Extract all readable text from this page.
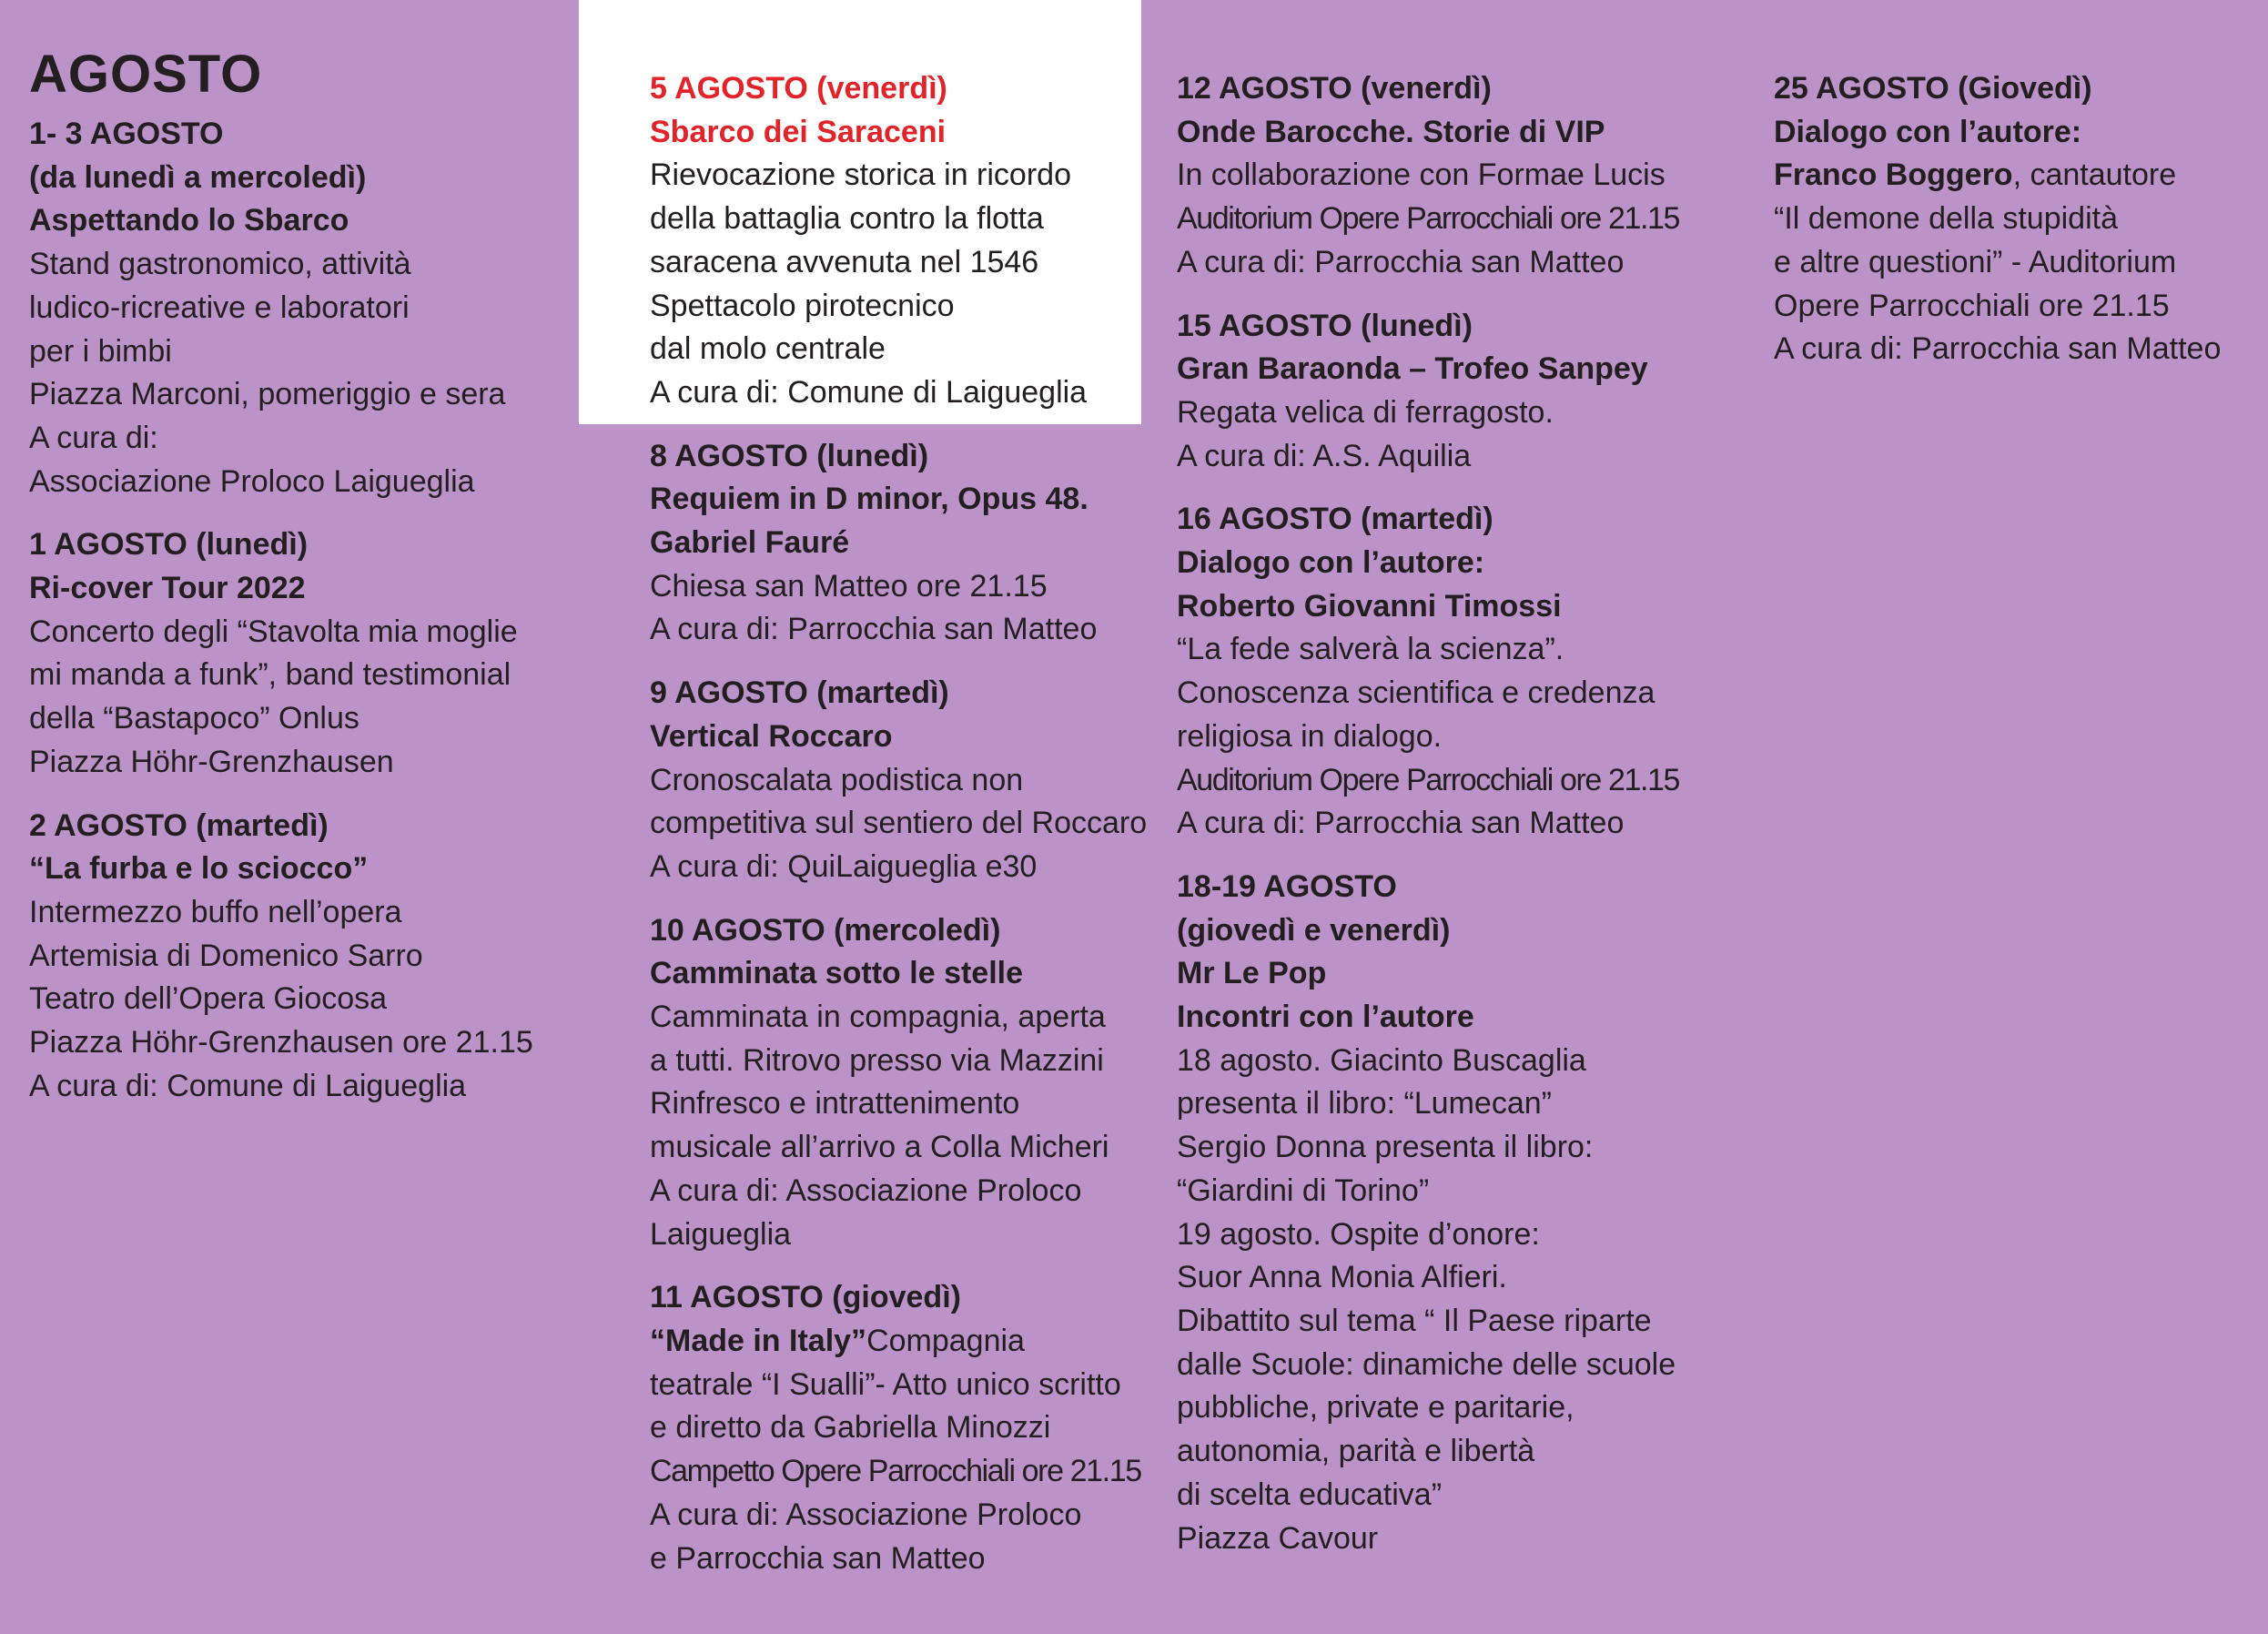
AGOSTO
1- 3 AGOSTO
(da lunedì a mercoledì)
Aspettando lo Sbarco
Stand gastronomico, attività
ludico-ricreative e laboratori
per i bimbi
Piazza Marconi, pomeriggio e sera
A cura di:
Associazione Proloco Laigueglia
1 AGOSTO (lunedì)
Ri-cover Tour 2022
Concerto degli “Stavolta mia moglie
mi manda a funk”, band testimonial
della “Bastapoco” Onlus
Piazza Höhr-Grenzhausen
2 AGOSTO (martedì)
“La furba e lo sciocco”
Intermezzo buffo nell’opera
Artemisia di Domenico Sarro
Teatro dell’Opera Giocosa
Piazza Höhr-Grenzhausen ore 21.15
A cura di: Comune di Laigueglia
5 AGOSTO (venerdì)
Sbarco dei Saraceni
Rievocazione storica in ricordo
della battaglia contro la flotta
saracena avvenuta nel 1546
Spettacolo pirotecnico
dal molo centrale
A cura di: Comune di Laigueglia
8 AGOSTO (lunedì)
Requiem in D minor, Opus 48.
Gabriel Fauré
Chiesa san Matteo ore 21.15
A cura di: Parrocchia san Matteo
9 AGOSTO (martedì)
Vertical Roccaro
Cronoscalata podistica non
competitiva sul sentiero del Roccaro
A cura di: QuiLaigueglia e30
10 AGOSTO (mercoledì)
Camminata sotto le stelle
Camminata in compagnia, aperta
a tutti. Ritrovo presso via Mazzini
Rinfresco e intrattenimento
musicale all’arrivo a Colla Micheri
A cura di: Associazione Proloco
Laigueglia
11 AGOSTO (giovedì)
“Made in Italy”Compagnia
teatrale “I Sualli”- Atto unico scritto
e diretto da Gabriella Minozzi
Campetto Opere Parrocchiali ore 21.15
A cura di: Associazione Proloco
e Parrocchia san Matteo
12 AGOSTO (venerdì)
Onde Barocche. Storie di VIP
In collaborazione con Formae Lucis
Auditorium Opere Parrocchiali ore 21.15
A cura di: Parrocchia san Matteo
15 AGOSTO (lunedì)
Gran Baraonda – Trofeo Sanpey
Regata velica di ferragosto.
A cura di: A.S. Aquilia
16 AGOSTO (martedì)
Dialogo con l’autore:
Roberto Giovanni Timossi
“La fede salverà la scienza”.
Conoscenza scientifica e credenza
religiosa in dialogo.
Auditorium Opere Parrocchiali ore 21.15
A cura di: Parrocchia san Matteo
18-19 AGOSTO
(giovedì e venerdì)
Mr Le Pop
Incontri con l’autore
18 agosto. Giacinto Buscaglia
presenta il libro: “Lumecan”
Sergio Donna presenta il libro:
“Giardini di Torino”
19 agosto. Ospite d’onore:
Suor Anna Monia Alfieri.
Dibattito sul tema “ Il Paese riparte
dalle Scuole: dinamiche delle scuole
pubbliche, private e paritarie,
autonomia, parità e libertà
di scelta educativa”
Piazza Cavour
25 AGOSTO (Giovedì)
Dialogo con l’autore:
Franco Boggero, cantautore
“Il demone della stupidità
e altre questioni” - Auditorium
Opere Parrocchiali ore 21.15
A cura di: Parrocchia san Matteo
